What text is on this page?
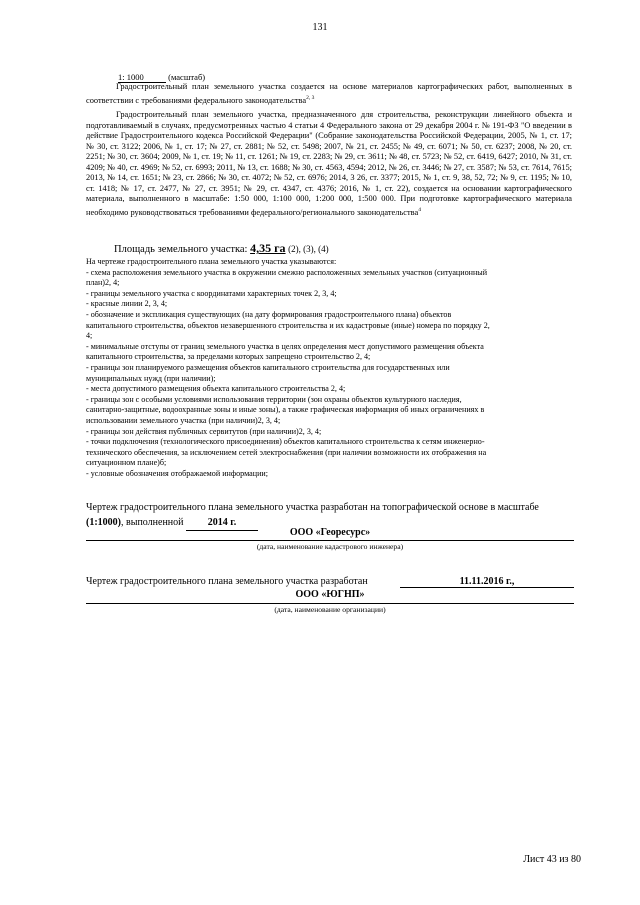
131
1: 1000	(масштаб)
Градостроительный план земельного участка создается на основе материалов картографических работ, выполненных в соответствии с требованиями федерального законодательства$^{2, 3}$
Градостроительный план земельного участка, предназначенного для строительства, реконструкции линейного объекта и подготавливаемый в случаях, предусмотренных частью 4 статьи 4 Федерального закона от 29 декабря 2004 г. № 191-ФЗ "О введении в действие Градостроительного кодекса Российской Федерации" (Собрание законодательства Российской Федерации, 2005, № 1, ст. 17; № 30, ст. 3122; 2006, № 1, ст. 17; № 27, ст. 2881; № 52, ст. 5498; 2007, № 21, ст. 2455; № 49, ст. 6071; № 50, ст. 6237; 2008, № 20, ст. 2251; № 30, ст. 3604; 2009, № 1, ст. 19; № 11, ст. 1261; № 19, ст. 2283; № 29, ст. 3611; № 48, ст. 5723; № 52, ст. 6419, 6427; 2010, № 31, ст. 4209; № 40, ст. 4969; № 52, ст. 6993; 2011, № 13, ст. 1688; № 30, ст. 4563, 4594; 2012, № 26, ст. 3446; № 27, ст. 3587; № 53, ст. 7614, 7615; 2013, № 14, ст. 1651; № 23, ст. 2866; № 30, ст. 4072; № 52, ст. 6976; 2014, 3 26, ст. 3377; 2015, № 1, ст. 9, 38, 52, 72; № 9, ст. 1195; № 10, ст. 1418; № 17, ст. 2477, № 27, ст. 3951; № 29, ст. 4347, ст. 4376; 2016, № 1, ст. 22), создается на основании картографического материала, выполненного в масштабе: 1:50 000, 1:100 000, 1:200 000, 1:500 000. При подготовке картографического материала необходимо руководствоваться требованиями федерального/регионального законодательства$^4$
Площадь земельного участка: 4,35 га (2), (3), (4)

На чертеже градостроительного плана земельного участка указываются:

- схема расположения земельного участка в окружении смежно расположенных земельных участков (ситуационный

план)2, 4;

- границы земельного участка с координатами характерных точек 2, 3, 4;

- красные линии 2, 3, 4;

- обозначение и экспликация существующих (на дату формирования градостроительного плана) объектов

капитального строительства, объектов незавершенного строительства и их кадастровые (иные) номера по порядку 2,

4;

- минимальные отступы от границ земельного участка в целях определения мест допустимого размещения объекта

капитального строительства, за пределами которых запрещено строительство 2, 4;

- границы зон планируемого размещения объектов капитального строительства для государственных или

муниципальных нужд (при наличии);

- места допустимого размещения объекта капитального строительства 2, 4;

- границы зон с особыми условиями использования территории (зон охраны объектов культурного наследия,

санитарно-защитные, водоохранные зоны и иные зоны), а также графическая информация об иных ограничениях в

использовании земельного участка (при наличии)2, 3, 4;

- границы зон действия публичных сервитутов (при наличии)2, 3, 4;

- точки подключения (технологического присоединения) объектов капитального строительства к сетям инженерно-

технического обеспечения, за исключением сетей электроснабжения (при наличии возможности их отображения на

ситуационном плане)б;

- условные обозначения отображаемой информации;

Чертеж градостроительного плана земельного участка разработан на топографической основе в масштабе (1:1000), выполненной 2014 г.
ООО «Георесурс»
(дата, наименование кадастрового инженера)
Чертеж градостроительного плана земельного участка разработан	11.11.2016 г.,
ООО «ЮГНП»
(дата, наименование организации)
Лист 43 из 80
